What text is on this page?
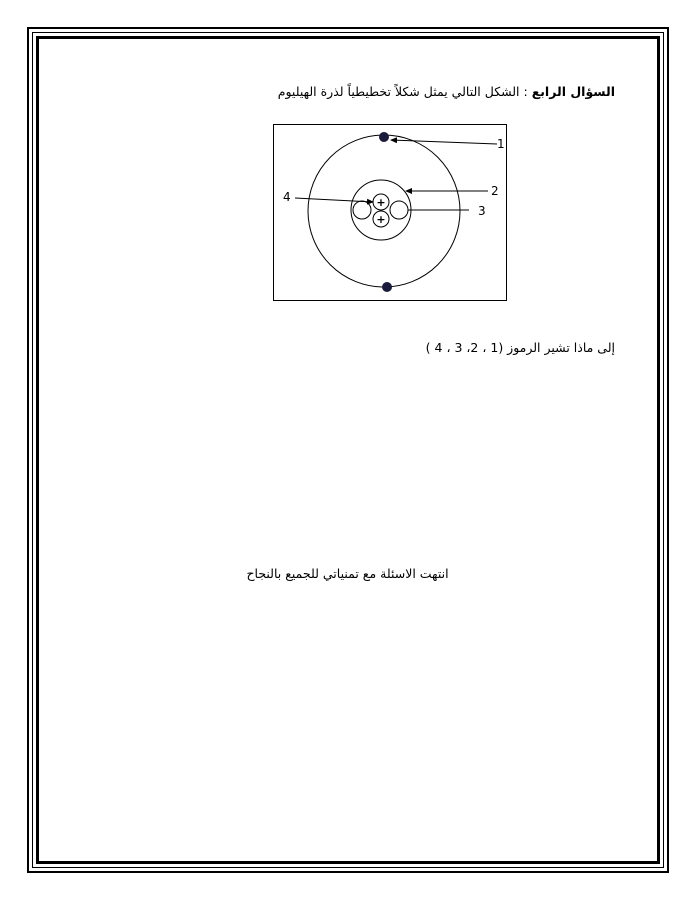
السؤال الرابع : الشكل التالي يمثل شكلاً تخطيطياً لذرة الهيليوم
+
+
1
2
3
4
إلى ماذا تشير الرموز (1 ، 2، 3 ، 4 )
انتهت الاسئلة مع تمنياتي للجميع بالنجاح
